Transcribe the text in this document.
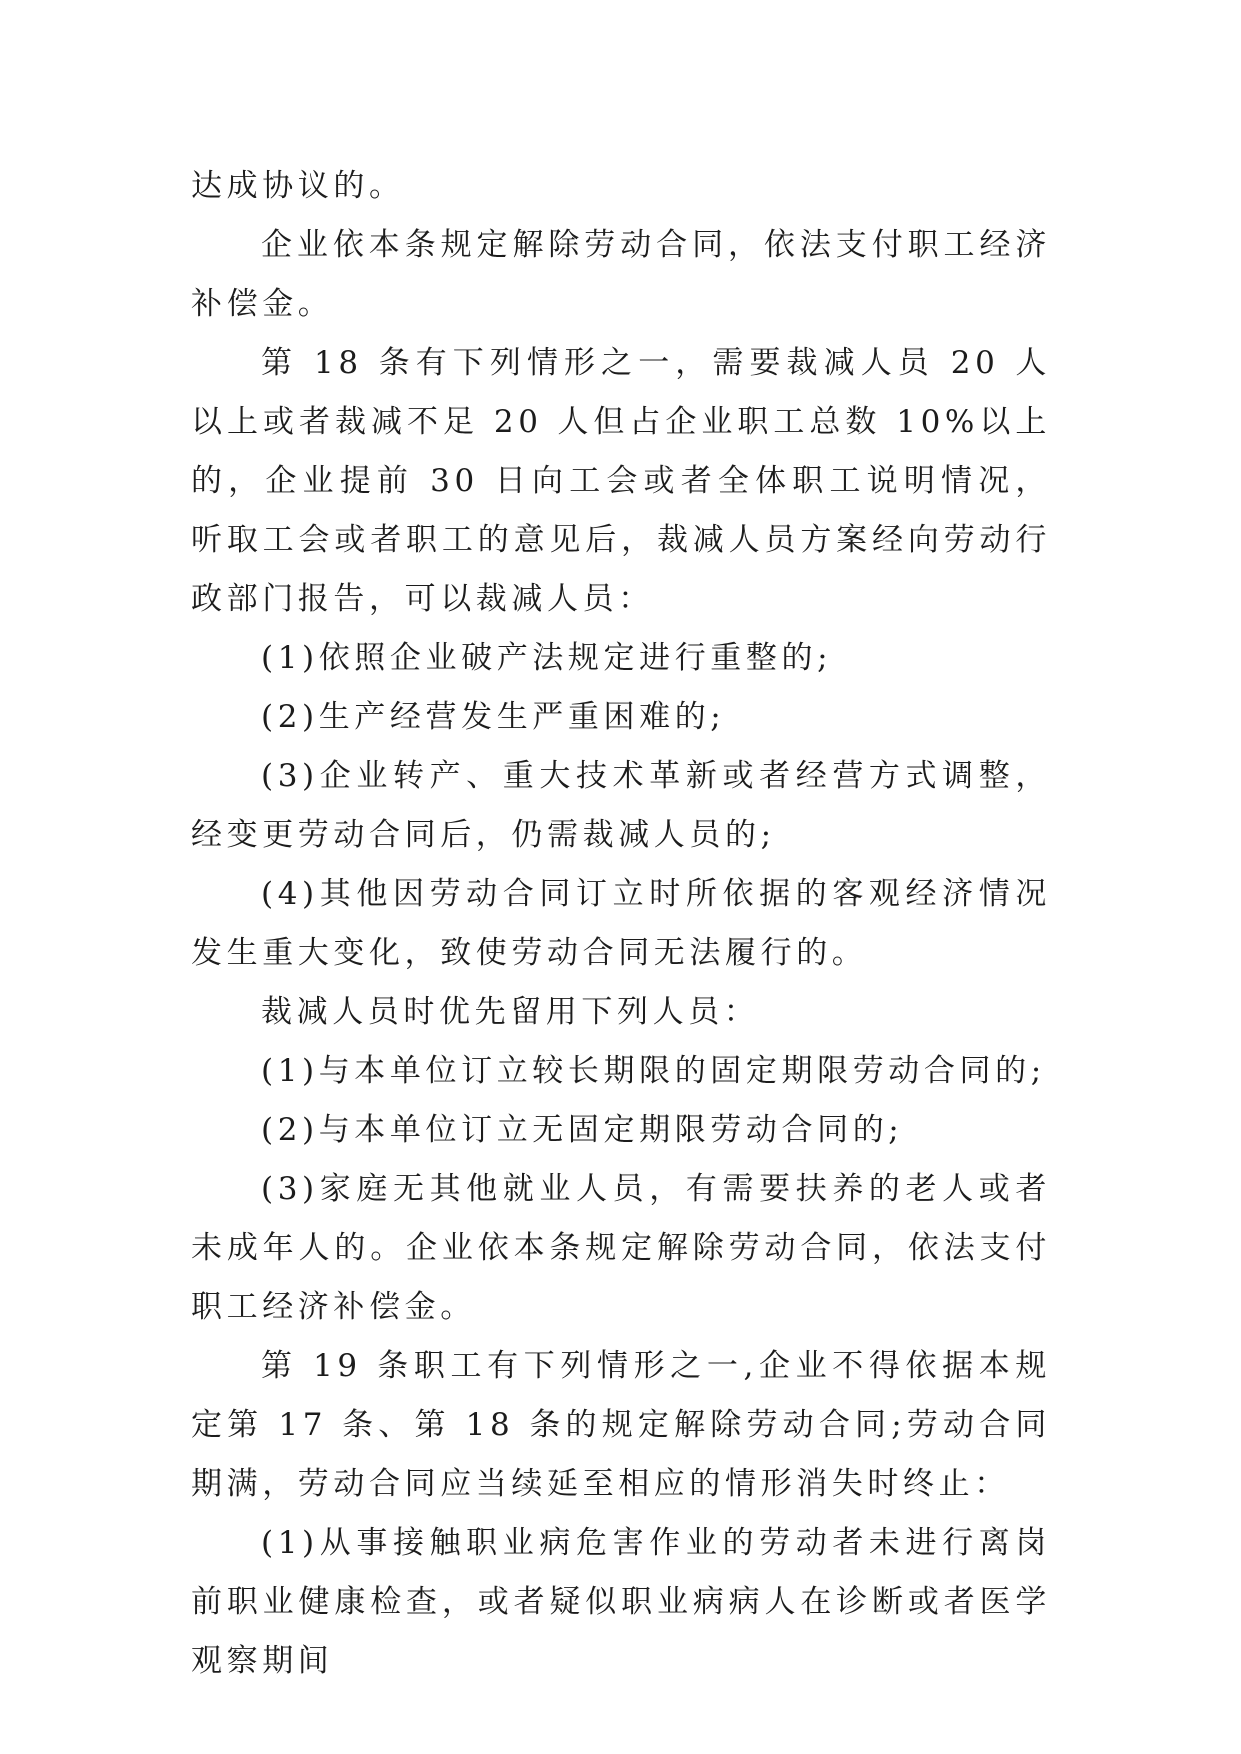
达成协议的。

企业依本条规定解除劳动合同，依法支付职工经济补偿金。

第 18 条有下列情形之一，需要裁减人员 20 人以上或者裁减不足 20 人但占企业职工总数 10%以上的，企业提前 30 日向工会或者全体职工说明情况，听取工会或者职工的意见后，裁减人员方案经向劳动行政部门报告，可以裁减人员：

(1)依照企业破产法规定进行重整的;

(2)生产经营发生严重困难的;

(3)企业转产、重大技术革新或者经营方式调整，经变更劳动合同后，仍需裁减人员的;

(4)其他因劳动合同订立时所依据的客观经济情况发生重大变化，致使劳动合同无法履行的。

裁减人员时优先留用下列人员：

(1)与本单位订立较长期限的固定期限劳动合同的;

(2)与本单位订立无固定期限劳动合同的;

(3)家庭无其他就业人员，有需要扶养的老人或者未成年人的。企业依本条规定解除劳动合同，依法支付职工经济补偿金。

第 19 条职工有下列情形之一,企业不得依据本规定第 17 条、第 18 条的规定解除劳动合同;劳动合同期满，劳动合同应当续延至相应的情形消失时终止：

(1)从事接触职业病危害作业的劳动者未进行离岗前职业健康检查，或者疑似职业病病人在诊断或者医学观察期间
